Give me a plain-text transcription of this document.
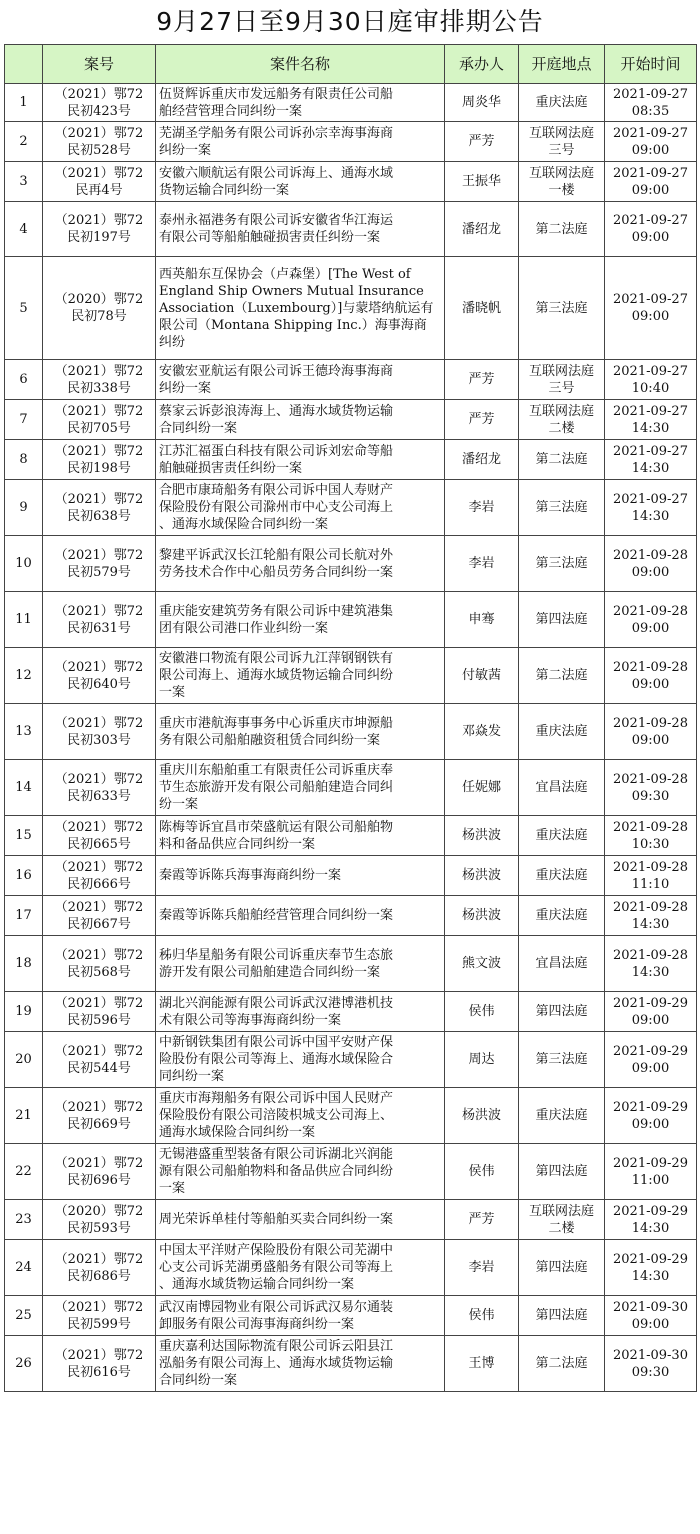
9月27日至9月30日庭审排期公告
	案号	案件名称	承办人	开庭地点	开始时间
1	（2021）鄂72
民初423号	伍贤辉诉重庆市发远船务有限责任公司船
舶经营管理合同纠纷一案	周炎华	重庆法庭	2021-09-27
08:35

2	（2021）鄂72
民初528号	芜湖圣学船务有限公司诉孙宗幸海事海商
纠纷一案	严芳	互联网法庭
三号	2021-09-27
09:00

3	（2021）鄂72
民再4号	安徽六顺航运有限公司诉海上、通海水域
货物运输合同纠纷一案	王振华	互联网法庭
一楼	2021-09-27
09:00

4	（2021）鄂72
民初197号	泰州永福港务有限公司诉安徽省华江海运
有限公司等船舶触碰损害责任纠纷一案	潘绍龙	第二法庭	2021-09-27
09:00

5	（2020）鄂72
民初78号	西英船东互保协会（卢森堡）[The West of
England Ship Owners Mutual Insurance
Association（Luxembourg）]与蒙塔纳航运有
限公司（Montana Shipping Inc.）海事海商
纠纷	潘晓帆	第三法庭	2021-09-27
09:00

6	（2021）鄂72
民初338号	安徽宏亚航运有限公司诉王德玲海事海商
纠纷一案	严芳	互联网法庭
三号	2021-09-27
10:40

7	（2021）鄂72
民初705号	蔡家云诉彭浪涛海上、通海水域货物运输
合同纠纷一案	严芳	互联网法庭
二楼	2021-09-27
14:30

8	（2021）鄂72
民初198号	江苏汇福蛋白科技有限公司诉刘宏命等船
舶触碰损害责任纠纷一案	潘绍龙	第二法庭	2021-09-27
14:30

9	（2021）鄂72
民初638号	合肥市康琦船务有限公司诉中国人寿财产
保险股份有限公司滁州市中心支公司海上
、通海水域保险合同纠纷一案	李岩	第三法庭	2021-09-27
14:30

10	（2021）鄂72
民初579号	黎建平诉武汉长江轮船有限公司长航对外
劳务技术合作中心船员劳务合同纠纷一案	李岩	第三法庭	2021-09-28
09:00

11	（2021）鄂72
民初631号	重庆能安建筑劳务有限公司诉中建筑港集
团有限公司港口作业纠纷一案	申骞	第四法庭	2021-09-28
09:00

12	（2021）鄂72
民初640号	安徽港口物流有限公司诉九江萍钢钢铁有
限公司海上、通海水域货物运输合同纠纷
一案	付敏茜	第二法庭	2021-09-28
09:00

13	（2021）鄂72
民初303号	重庆市港航海事事务中心诉重庆市坤源船
务有限公司船舶融资租赁合同纠纷一案	邓焱发	重庆法庭	2021-09-28
09:00

14	（2021）鄂72
民初633号	重庆川东船舶重工有限责任公司诉重庆奉
节生态旅游开发有限公司船舶建造合同纠
纷一案	任妮娜	宜昌法庭	2021-09-28
09:30

15	（2021）鄂72
民初665号	陈梅等诉宜昌市荣盛航运有限公司船舶物
料和备品供应合同纠纷一案	杨洪波	重庆法庭	2021-09-28
10:30

16	（2021）鄂72
民初666号	秦霞等诉陈兵海事海商纠纷一案	杨洪波	重庆法庭	2021-09-28
11:10

17	（2021）鄂72
民初667号	秦霞等诉陈兵船舶经营管理合同纠纷一案	杨洪波	重庆法庭	2021-09-28
14:30

18	（2021）鄂72
民初568号	秭归华星船务有限公司诉重庆奉节生态旅
游开发有限公司船舶建造合同纠纷一案	熊文波	宜昌法庭	2021-09-28
14:30

19	（2021）鄂72
民初596号	湖北兴润能源有限公司诉武汉港博港机技
术有限公司等海事海商纠纷一案	侯伟	第四法庭	2021-09-29
09:00

20	（2021）鄂72
民初544号	中新钢铁集团有限公司诉中国平安财产保
险股份有限公司等海上、通海水域保险合
同纠纷一案	周达	第三法庭	2021-09-29
09:00

21	（2021）鄂72
民初669号	重庆市海翔船务有限公司诉中国人民财产
保险股份有限公司涪陵枳城支公司海上、
通海水域保险合同纠纷一案	杨洪波	重庆法庭	2021-09-29
09:00

22	（2021）鄂72
民初696号	无锡港盛重型装备有限公司诉湖北兴润能
源有限公司船舶物料和备品供应合同纠纷
一案	侯伟	第四法庭	2021-09-29
11:00

23	（2020）鄂72
民初593号	周光荣诉单桂付等船舶买卖合同纠纷一案	严芳	互联网法庭
二楼	2021-09-29
14:30

24	（2021）鄂72
民初686号	中国太平洋财产保险股份有限公司芜湖中
心支公司诉芜湖勇盛船务有限公司等海上
、通海水域货物运输合同纠纷一案	李岩	第四法庭	2021-09-29
14:30

25	（2021）鄂72
民初599号	武汉南博园物业有限公司诉武汉易尔通装
卸服务有限公司海事海商纠纷一案	侯伟	第四法庭	2021-09-30
09:00

26	（2021）鄂72
民初616号	重庆嘉利达国际物流有限公司诉云阳县江
泓船务有限公司海上、通海水域货物运输
合同纠纷一案	王博	第二法庭	2021-09-30
09:30
